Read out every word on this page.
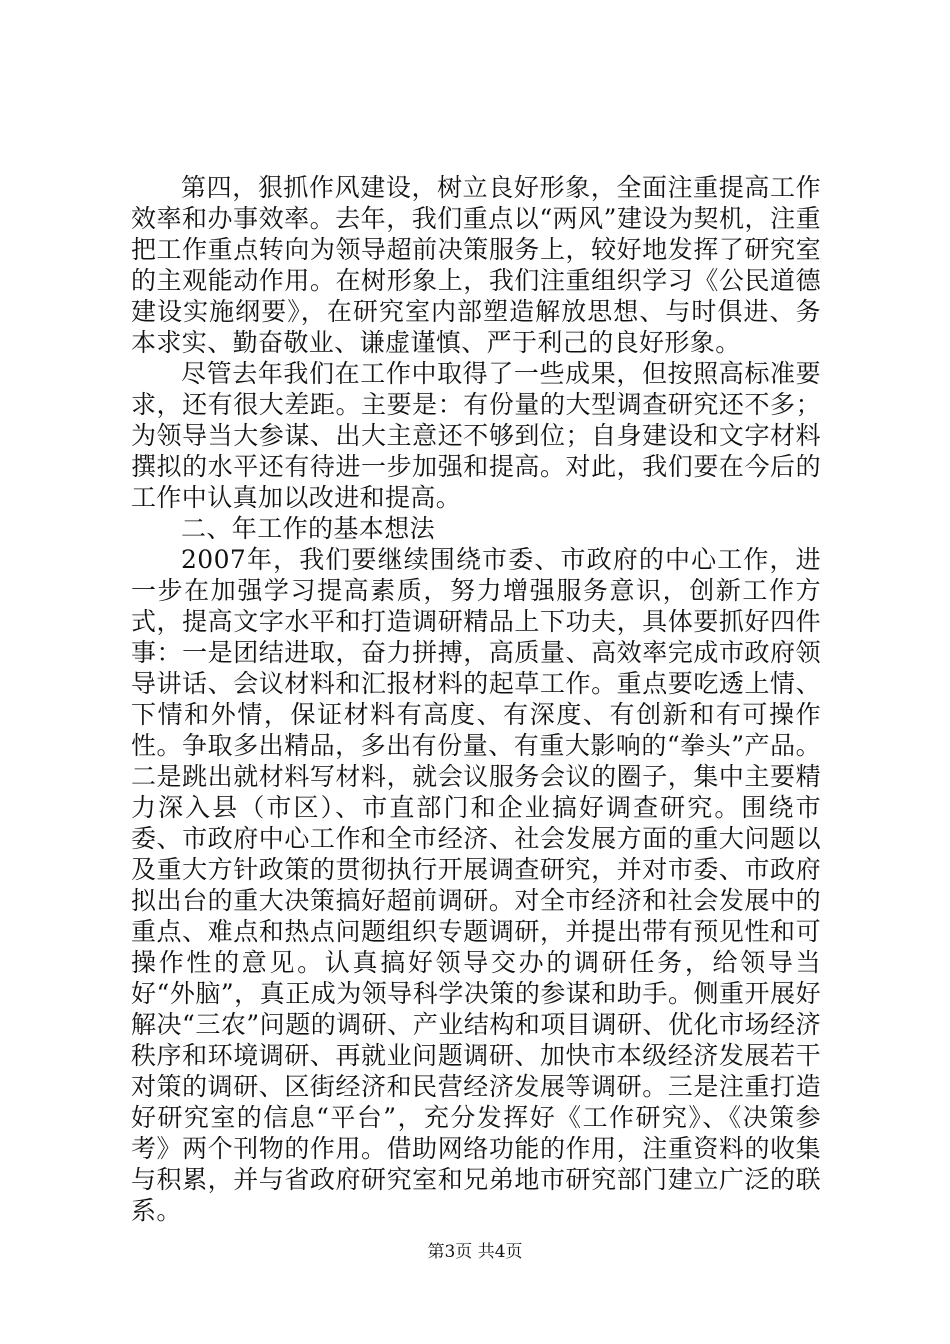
第四，狠抓作风建设，树立良好形象，全面注重提高工作效率和办事效率。去年，我们重点以“两风”建设为契机，注重把工作重点转向为领导超前决策服务上，较好地发挥了研究室的主观能动作用。在树形象上，我们注重组织学习《公民道德建设实施纲要》，在研究室内部塑造解放思想、与时俱进、务本求实、勤奋敬业、谦虚谨慎、严于利己的良好形象。

尽管去年我们在工作中取得了一些成果，但按照高标准要求，还有很大差距。主要是：有份量的大型调查研究还不多；为领导当大参谋、出大主意还不够到位；自身建设和文字材料撰拟的水平还有待进一步加强和提高。对此，我们要在今后的工作中认真加以改进和提高。

二、年工作的基本想法

2007年，我们要继续围绕市委、市政府的中心工作，进一步在加强学习提高素质，努力增强服务意识，创新工作方式，提高文字水平和打造调研精品上下功夫，具体要抓好四件事：一是团结进取，奋力拼搏，高质量、高效率完成市政府领导讲话、会议材料和汇报材料的起草工作。重点要吃透上情、下情和外情，保证材料有高度、有深度、有创新和有可操作性。争取多出精品，多出有份量、有重大影响的“拳头”产品。二是跳出就材料写材料，就会议服务会议的圈子，集中主要精力深入县（市区）、市直部门和企业搞好调查研究。围绕市委、市政府中心工作和全市经济、社会发展方面的重大问题以及重大方针政策的贯彻执行开展调查研究，并对市委、市政府拟出台的重大决策搞好超前调研。对全市经济和社会发展中的重点、难点和热点问题组织专题调研，并提出带有预见性和可操作性的意见。认真搞好领导交办的调研任务，给领导当好“外脑”，真正成为领导科学决策的参谋和助手。侧重开展好解决“三农”问题的调研、产业结构和项目调研、优化市场经济秩序和环境调研、再就业问题调研、加快市本级经济发展若干对策的调研、区街经济和民营经济发展等调研。三是注重打造好研究室的信息“平台”，充分发挥好《工作研究》、《决策参考》两个刊物的作用。借助网络功能的作用，注重资料的收集与积累，并与省政府研究室和兄弟地市研究部门建立广泛的联系。

第3页 共4页
